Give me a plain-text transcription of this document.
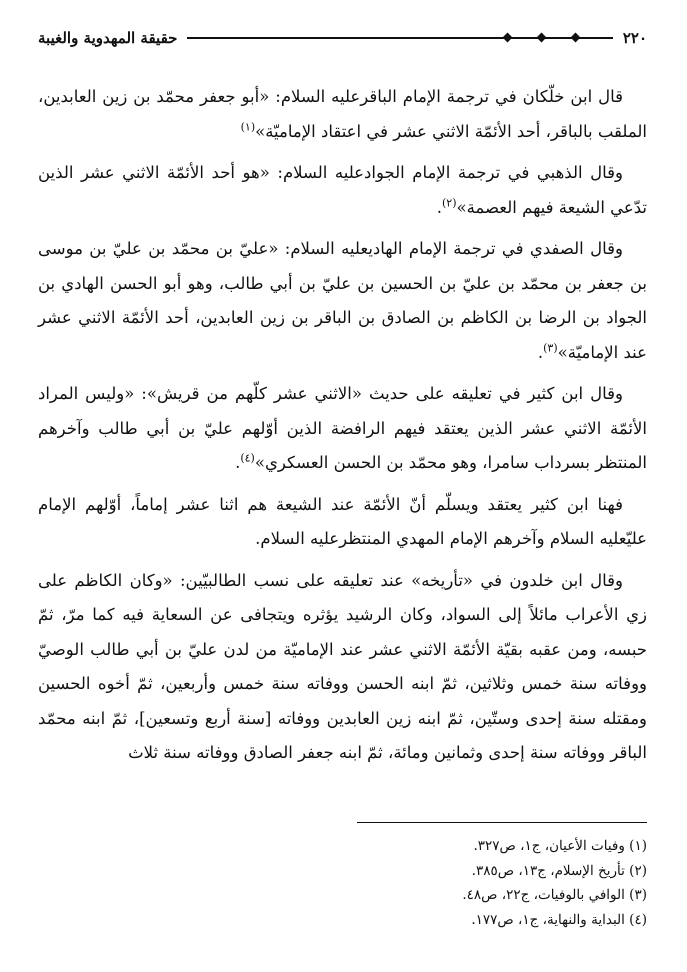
٢٢٠
حقيقة المهدوية والغيبة

قال ابن خلّكان في ترجمة الإمام الباقر‏عليه السلام: «أبو جعفر محمّد بن زين العابدين، الملقب بالباقر، أحد الأئمّة الاثني عشر في اعتقاد الإماميّة»$^{(١)}$

وقال الذهبي في ترجمة الإمام الجواد‏عليه السلام: «هو أحد الأئمّة الاثني عشر الذين تدّعي الشيعة فيهم العصمة»$^{(٢)}$.

وقال الصفدي في ترجمة الإمام الهادي‏عليه السلام: «عليّ بن محمّد بن عليّ بن موسى بن جعفر بن محمّد بن عليّ بن الحسين بن عليّ بن أبي طالب، وهو أبو الحسن الهادي بن الجواد بن الرضا بن الكاظم بن الصادق بن الباقر بن زين العابدين، أحد الأئمّة الاثني عشر عند الإماميّة»$^{(٣)}$.

وقال ابن كثير في تعليقه على حديث «الاثني عشر كلّهم من قريش»: «وليس المراد الأئمّة الاثني عشر الذين يعتقد فيهم الرافضة الذين أوّلهم عليّ بن أبي طالب وآخرهم المنتظر بسرداب سامرا، وهو محمّد بن الحسن العسكري»$^{(٤)}$.

فهنا ابن كثير يعتقد ويسلّم أنّ الأئمّة عند الشيعة هم اثنا عشر إماماً، أوّلهم الإمام عليّ‏عليه السلام وآخرهم الإمام المهدي المنتظر‏عليه السلام.

وقال ابن خلدون في «تأريخه» عند تعليقه على نسب الطالبيّين: «وكان الكاظم على زي الأعراب مائلاً إلى السواد، وكان الرشيد يؤثره ويتجافى عن السعاية فيه كما مرّ، ثمّ حبسه، ومن عقبه بقيّة الأئمّة الاثني عشر عند الإماميّة من لدن عليّ بن أبي طالب الوصيّ ووفاته سنة خمس وثلاثين، ثمّ ابنه الحسن ووفاته سنة خمس وأربعين، ثمّ أخوه الحسين ومقتله سنة إحدى وستّين، ثمّ ابنه زين العابدين ووفاته [سنة أربع وتسعين]، ثمّ ابنه محمّد الباقر ووفاته سنة إحدى وثمانين ومائة، ثمّ ابنه جعفر الصادق ووفاته سنة ثلاث

(١) وفيات الأعيان، ج١، ص٣٢٧.
(٢) تأريخ الإسلام، ج١٣، ص٣٨٥.
(٣) الوافي بالوفيات، ج٢٢، ص٤٨.
(٤) البداية والنهاية، ج١، ص١٧٧.
